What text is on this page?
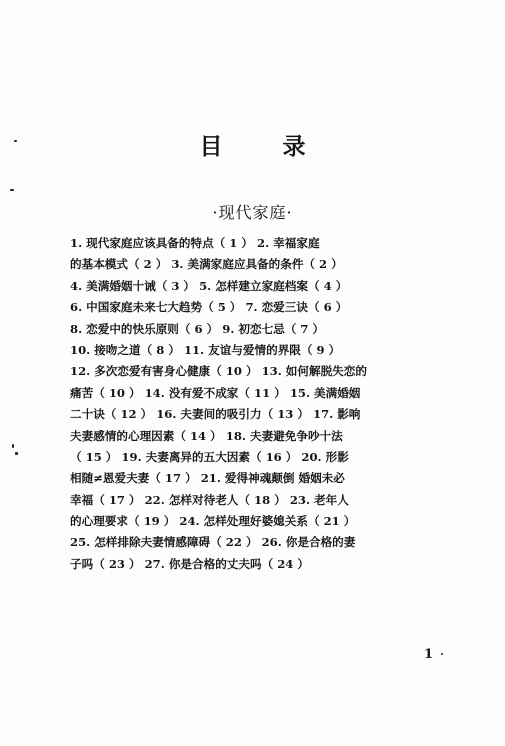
目 录
·现代家庭·
1. 现代家庭应该具备的特点（ 1 ） 2. 幸福家庭
的基本模式（ 2 ） 3. 美满家庭应具备的条件（ 2 ）
4. 美满婚姻十诫（ 3 ） 5. 怎样建立家庭档案（ 4 ）
6. 中国家庭未来七大趋势（ 5 ） 7. 恋爱三诀（ 6 ）
8. 恋爱中的快乐原则（ 6 ） 9. 初恋七忌（ 7 ）
10. 接吻之道（ 8 ） 11. 友谊与爱情的界限（ 9 ）
12. 多次恋爱有害身心健康（ 10 ） 13. 如何解脱失恋的
痛苦（ 10 ） 14. 没有爱不成家（ 11 ） 15. 美满婚姻
二十诀（ 12 ） 16. 夫妻间的吸引力（ 13 ） 17. 影响
夫妻感情的心理因素（ 14 ） 18. 夫妻避免争吵十法
（ 15 ） 19. 夫妻离异的五大因素（ 16 ） 20. 形影
相随≠恩爱夫妻（ 17 ） 21. 爱得神魂颠倒 婚姻未必
幸福（ 17 ） 22. 怎样对待老人（ 18 ） 23. 老年人
的心理要求（ 19 ） 24. 怎样处理好婆媳关系（ 21 ）
25. 怎样排除夫妻情感障碍（ 22 ） 26. 你是合格的妻
子吗（ 23 ） 27. 你是合格的丈夫吗（ 24 ）
1
